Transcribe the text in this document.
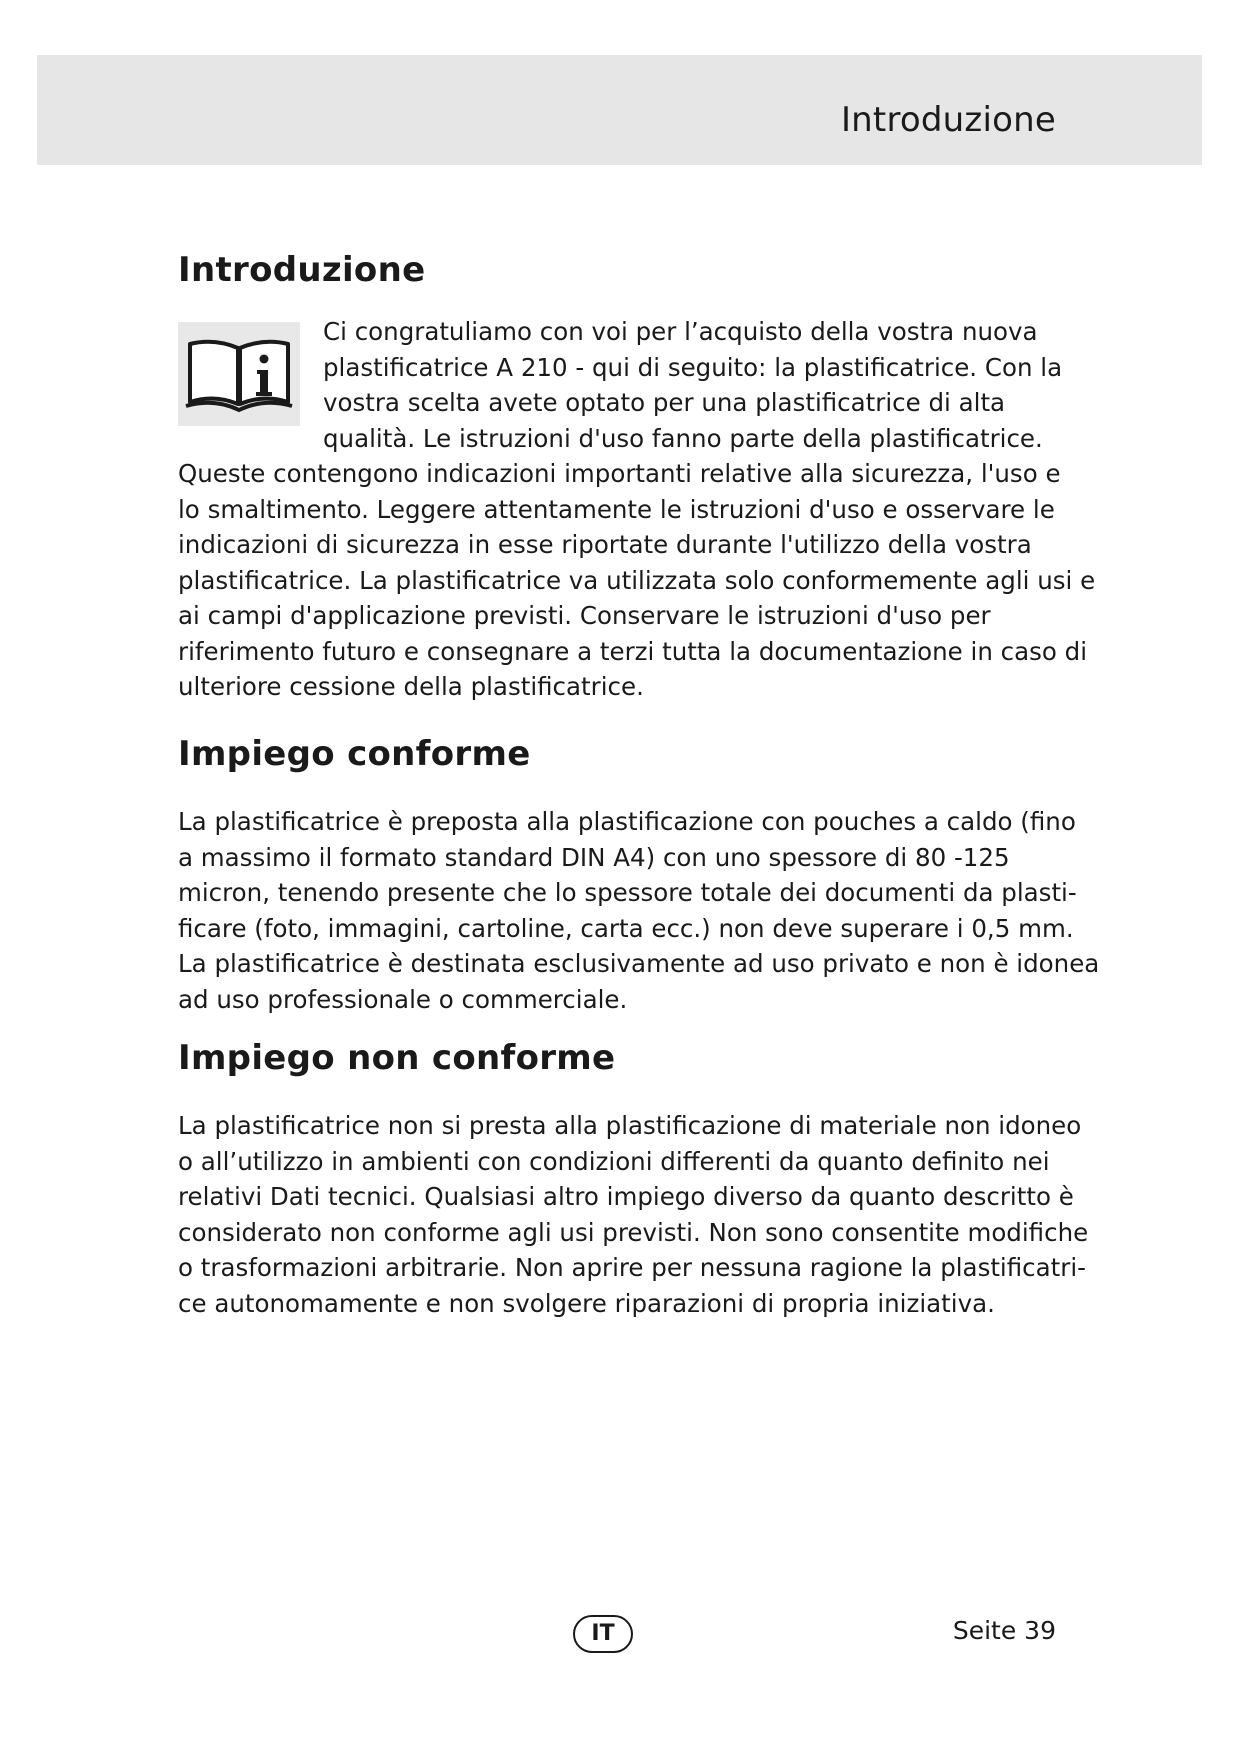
Introduzione
Introduzione
Ci congratuliamo con voi per l’acquisto della vostra nuova
plastificatrice A 210 - qui di seguito: la plastificatrice. Con la
vostra scelta avete optato per una plastificatrice di alta
qualità. Le istruzioni d'uso fanno parte della plastificatrice.

Queste contengono indicazioni importanti relative alla sicurezza, l'uso e
lo smaltimento. Leggere attentamente le istruzioni d'uso e osservare le
indicazioni di sicurezza in esse riportate durante l'utilizzo della vostra
plastificatrice. La plastificatrice va utilizzata solo conformemente agli usi e
ai campi d'applicazione previsti. Conservare le istruzioni d'uso per
riferimento futuro e consegnare a terzi tutta la documentazione in caso di
ulteriore cessione della plastificatrice.

Impiego conforme

La plastificatrice è preposta alla plastificazione con pouches a caldo (fino
a massimo il formato standard DIN A4) con uno spessore di 80 -125
micron, tenendo presente che lo spessore totale dei documenti da plasti-
ficare (foto, immagini, cartoline, carta ecc.) non deve superare i 0,5 mm.
La plastificatrice è destinata esclusivamente ad uso privato e non è idonea
ad uso professionale o commerciale.

Impiego non conforme

La plastificatrice non si presta alla plastificazione di materiale non idoneo
o all’utilizzo in ambienti con condizioni differenti da quanto definito nei
relativi Dati tecnici. Qualsiasi altro impiego diverso da quanto descritto è
considerato non conforme agli usi previsti. Non sono consentite modifiche
o trasformazioni arbitrarie. Non aprire per nessuna ragione la plastificatri-
ce autonomamente e non svolgere riparazioni di propria iniziativa.

IT	Seite 39
